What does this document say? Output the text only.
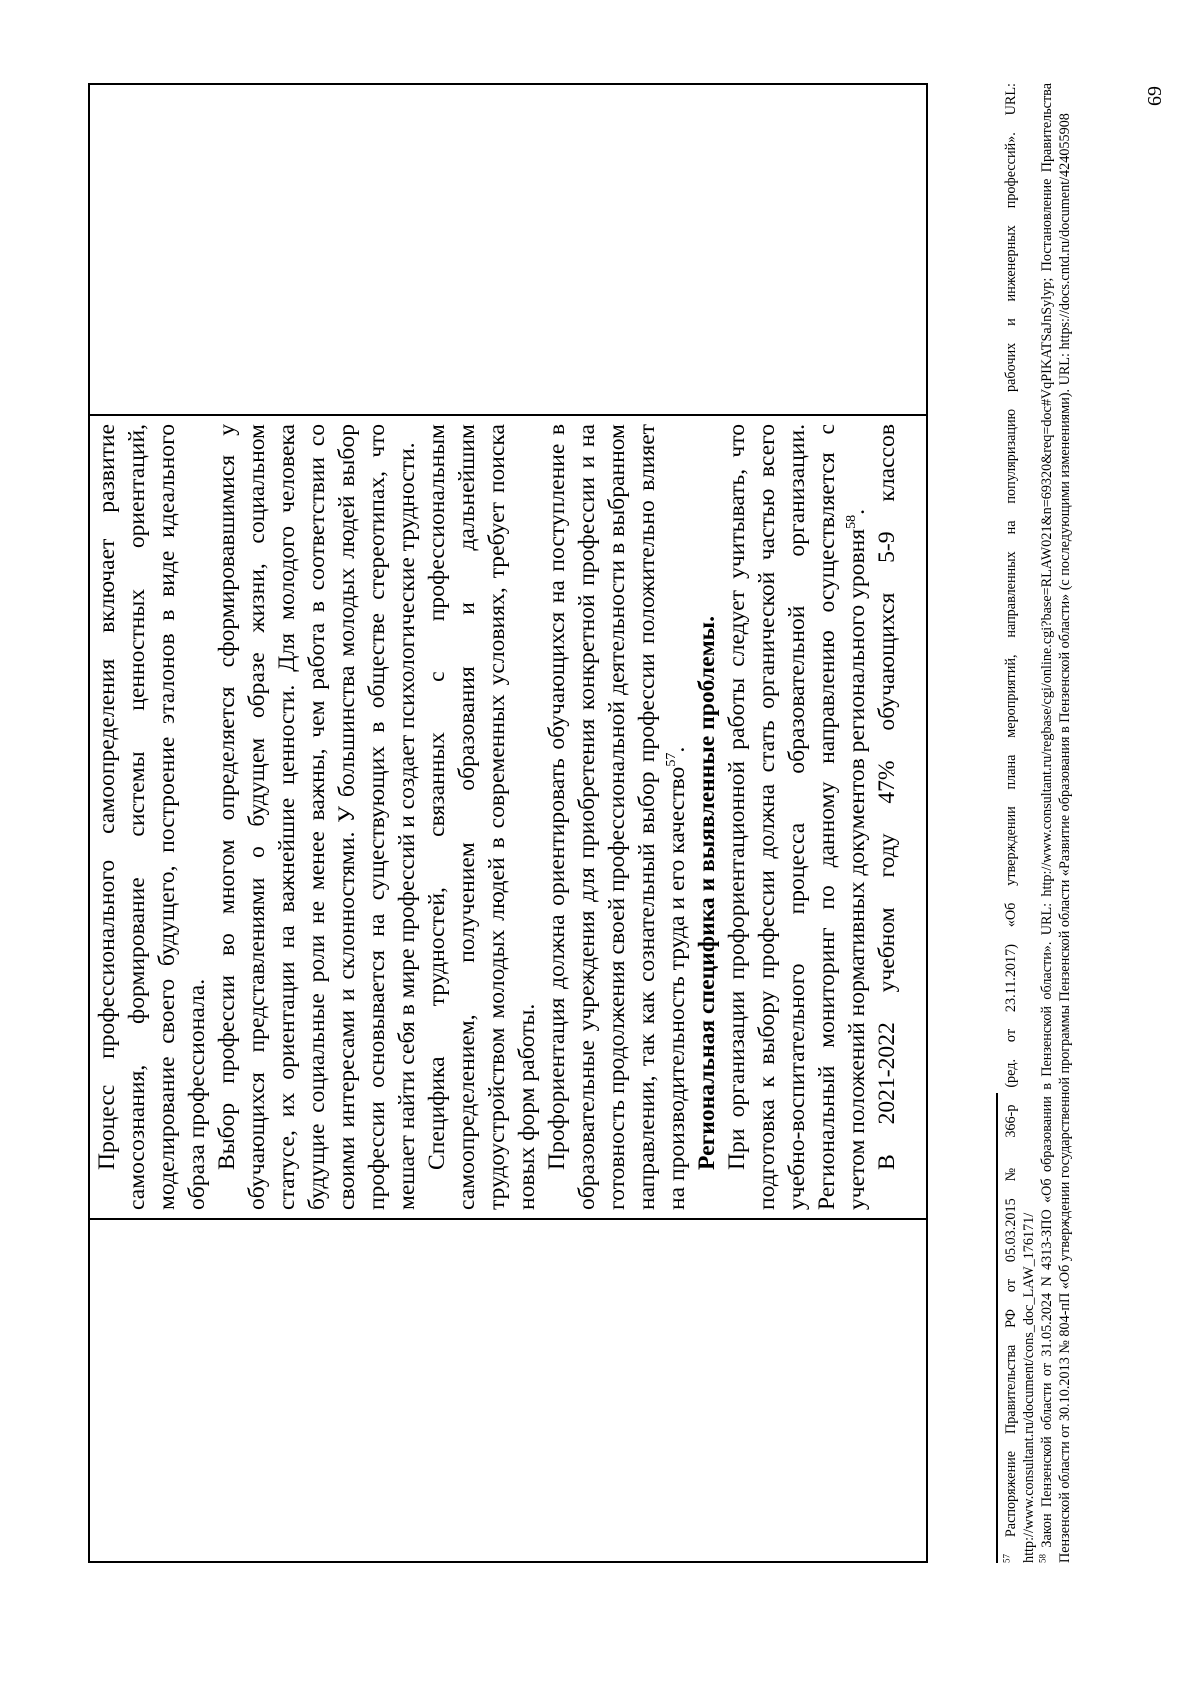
Процесс профессионального самоопределения включает развитие самосознания, формирование системы ценностных ориентаций, моделирование своего будущего, построение эталонов в виде идеального образа профессионала. Выбор профессии во многом определяется сформировавшимися у обучающихся представлениями о будущем образе жизни, социальном статусе, их ориентации на важнейшие ценности. Для молодого человека будущие социальные роли не менее важны, чем работа в соответствии со своими интересами и склонностями. У большинства молодых людей выбор профессии основывается на существующих в обществе стереотипах, что мешает найти себя в мире профессий и создает психологические трудности. Специфика трудностей, связанных с профессиональным самоопределением, получением образования и дальнейшим трудоустройством молодых людей в современных условиях, требует поиска новых форм работы. Профориентация должна ориентировать обучающихся на поступление в образовательные учреждения для приобретения конкретной профессии и на готовность продолжения своей профессиональной деятельности в выбранном направлении, так как сознательный выбор профессии положительно влияет на производительность труда и его качество$^{57}$. Региональная специфика и выявленные проблемы. При организации профориентационной работы следует учитывать, что подготовка к выбору профессии должна стать органической частью всего учебно-воспитательного процесса образовательной организации. Региональный мониторинг по данному направлению осуществляется с учетом положений нормативных документов регионального уровня$^{58}$. В 2021-2022 учебном году 47% обучающихся 5-9 классов

$^{57}$ Распоряжение Правительства РФ от 05.03.2015 № 366-р (ред. от 23.11.2017) «Об утверждении плана мероприятий, направленных на популяризацию рабочих и инженерных профессий». URL: http://www.consultant.ru/document/cons_doc_LAW_176171/ $^{58}$ Закон Пензенской области от 31.05.2024 N 4313-ЗПО «Об образовании в Пензенской области». URL: http://www.consultant.ru/regbase/cgi/online.cgi?base=RLAW021&n=69320&req=doc#VqPIKATSaJnSylyp; Постановление Правительства Пензенской области от 30.10.2013 № 804-пП «Об утверждении государственной программы Пензенской области «Развитие образования в Пензенской области» (с последующими изменениями). URL: https://docs.cntd.ru/document/424055908

69
